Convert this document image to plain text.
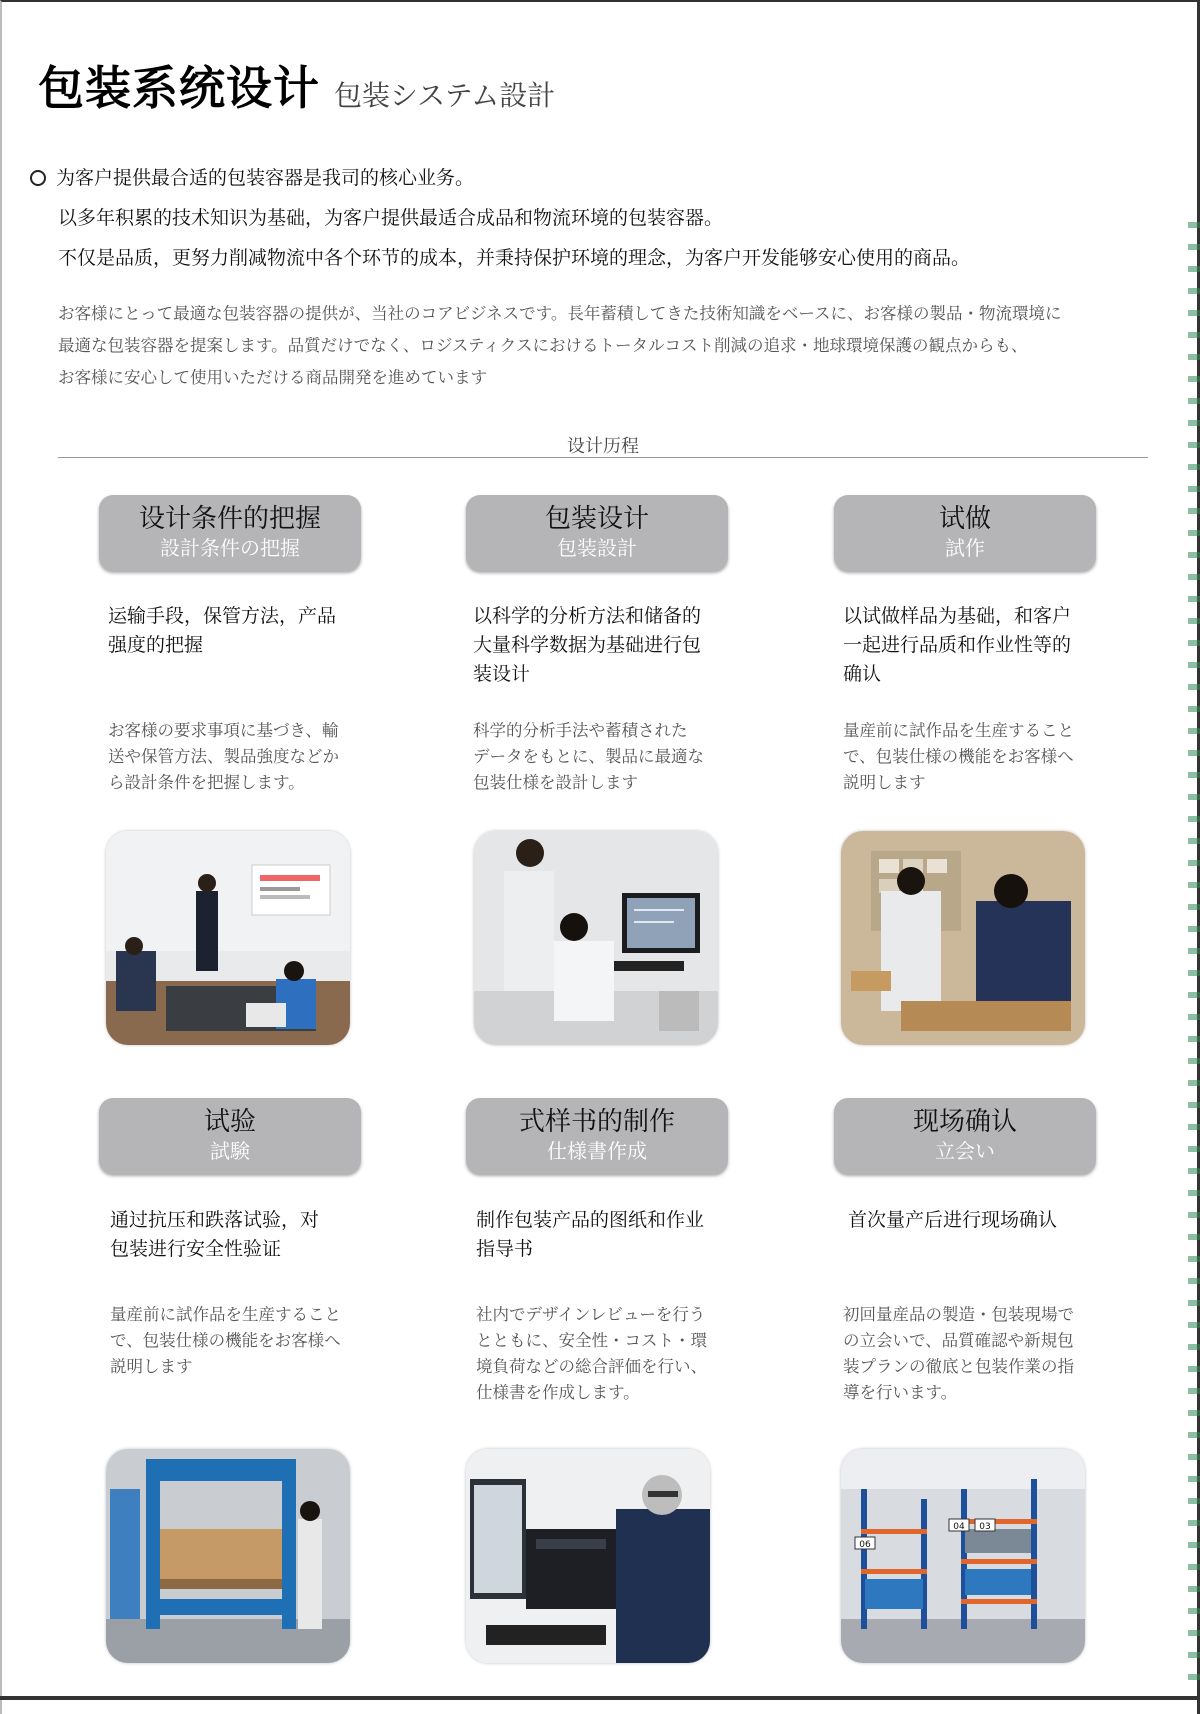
包装系统设计 包装システム設計
为客户提供最合适的包装容器是我司的核心业务。
以多年积累的技术知识为基础，为客户提供最适合成品和物流环境的包装容器。
不仅是品质，更努力削减物流中各个环节的成本，并秉持保护环境的理念，为客户开发能够安心使用的商品。
お客様にとって最適な包装容器の提供が、当社のコアビジネスです。長年蓄積してきた技術知識をベースに、お客様の製品・物流環境に
最適な包装容器を提案します。品質だけでなく、ロジスティクスにおけるトータルコスト削減の追求・地球環境保護の観点からも、
お客様に安心して使用いただける商品開発を進めています
设计历程
设计条件的把握
設計条件の把握
运输手段，保管方法，产品
强度的把握
お客様の要求事項に基づき、輸
送や保管方法、製品強度などか
ら設計条件を把握します。
包装设计
包装設計
以科学的分析方法和储备的
大量科学数据为基础进行包
装设计
科学的分析手法や蓄積された
データをもとに、製品に最適な
包装仕様を設計します
试做
試作
以试做样品为基础，和客户
一起进行品质和作业性等的
确认
量産前に試作品を生産すること
で、包装仕様の機能をお客様へ
説明します
试验
試験
通过抗压和跌落试验，对
包装进行安全性验证
量産前に試作品を生産すること
で、包装仕様の機能をお客様へ
説明します
式样书的制作
仕様書作成
制作包装产品的图纸和作业
指导书
社内でデザインレビューを行う
とともに、安全性・コスト・環
境負荷などの総合評価を行い、
仕様書を作成します。
现场确认
立会い
首次量产后进行现场确认
初回量産品の製造・包装現場で
の立会いで、品質確認や新規包
装プランの徹底と包装作業の指
導を行います。
04 03
06
